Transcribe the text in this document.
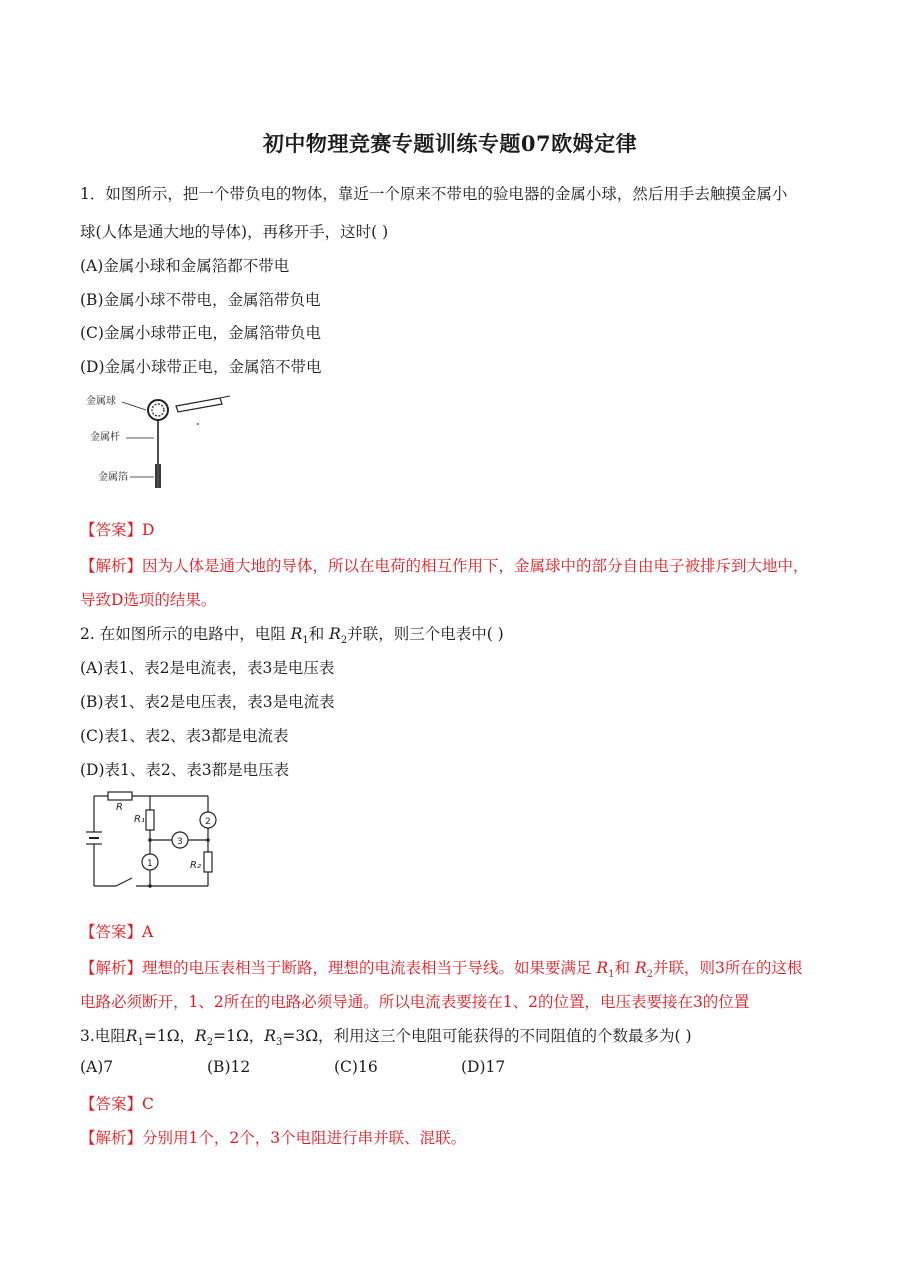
初中物理竞赛专题训练专题07欧姆定律
1．如图所示，把一个带负电的物体，靠近一个原来不带电的验电器的金属小球，然后用手去触摸金属小
球(人体是通大地的导体)，再移开手，这时( )
(A)金属小球和金属箔都不带电
(B)金属小球不带电，金属箔带负电
(C)金属小球带正电，金属箔带负电
(D)金属小球带正电，金属箔不带电
金属球
金属杆
金属箔
【答案】D
【解析】因为人体是通大地的导体，所以在电荷的相互作用下，金属球中的部分自由电子被排斥到大地中，
导致D选项的结果。
2. 在如图所示的电路中，电阻 $R_1$和 $R_2$并联，则三个电表中( )
(A)表1、表2是电流表，表3是电压表
(B)表1、表2是电压表，表3是电流表
(C)表1、表2、表3都是电流表
(D)表1、表2、表3都是电压表
R
R₁
R₂
1
2
3
【答案】A
【解析】理想的电压表相当于断路，理想的电流表相当于导线。如果要满足 $R_1$和 $R_2$并联，则3所在的这根
电路必须断开，1、2所在的电路必须导通。所以电流表要接在1、2的位置，电压表要接在3的位置
3.电阻$R_1=1\Omega$，$R_2=1\Omega$，$R_3=3\Omega$，利用这三个电阻可能获得的不同阻值的个数最多为( )
(A)7	(B)12	(C)16	(D)17
【答案】C
【解析】分别用1个，2个，3个电阻进行串并联、混联。
